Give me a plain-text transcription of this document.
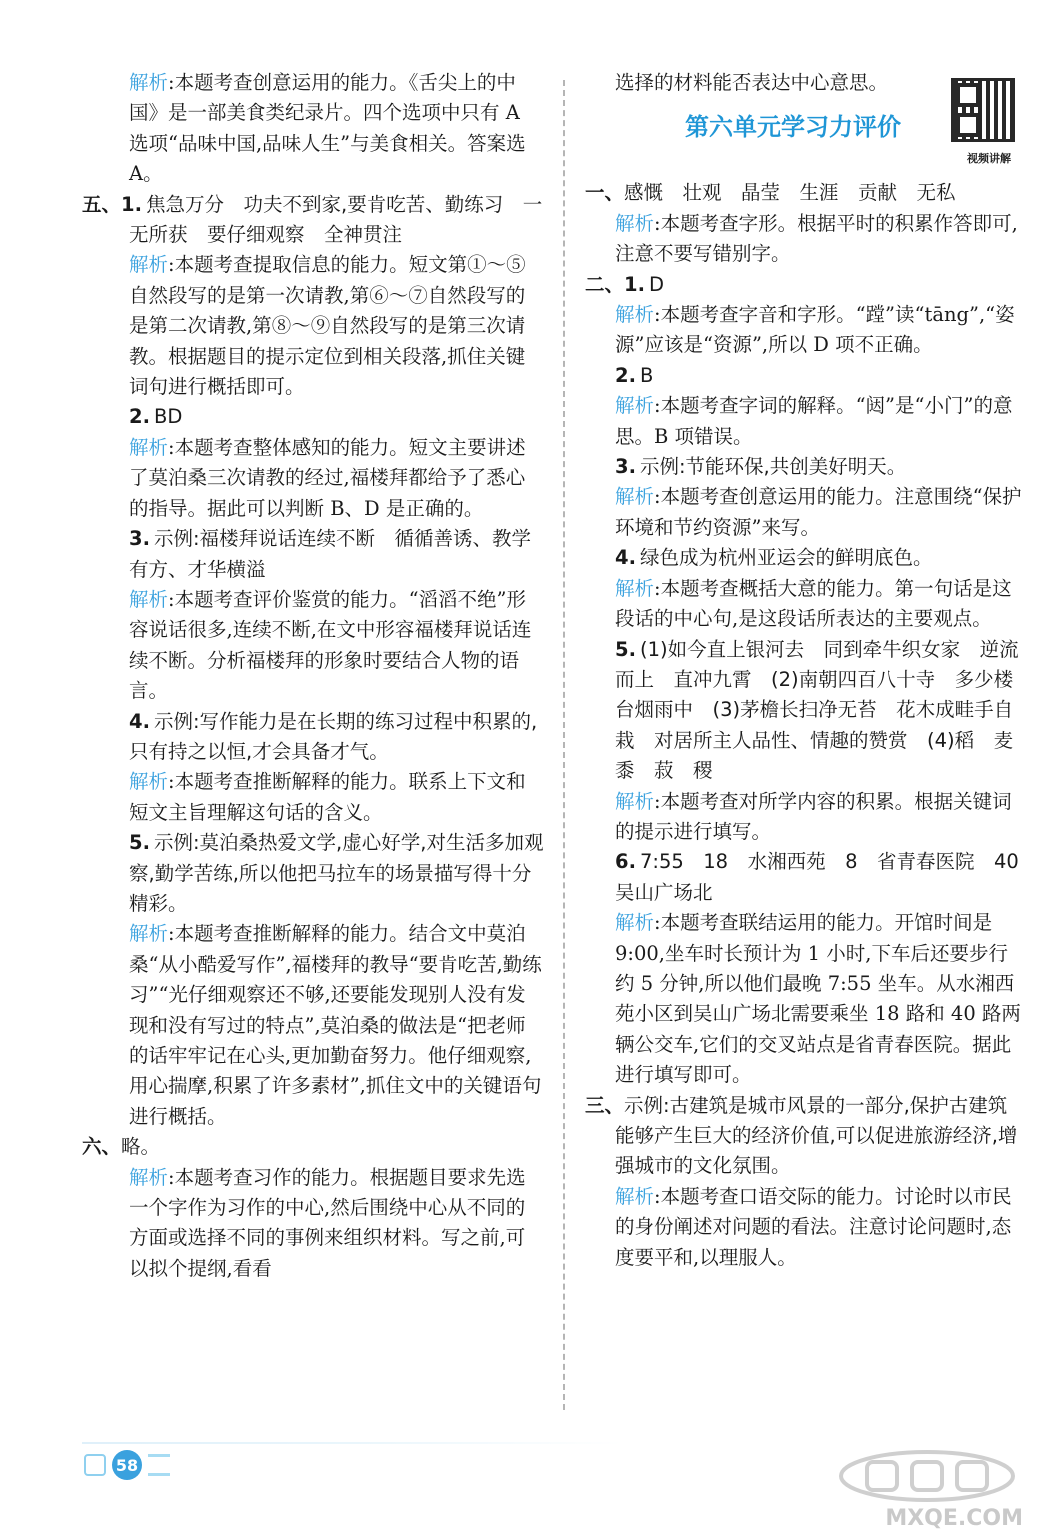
解析:本题考查创意运用的能力。《舌尖上的中国》是一部美食类纪录片。四个选项中只有 A 选项“品味中国,品味人生”与美食相关。答案选 A。

五、1. 焦急万分　功夫不到家,要肯吃苦、勤练习　一无所获　要仔细观察　全神贯注

解析:本题考查提取信息的能力。短文第①～⑤自然段写的是第一次请教,第⑥～⑦自然段写的是第二次请教,第⑧～⑨自然段写的是第三次请教。根据题目的提示定位到相关段落,抓住关键词句进行概括即可。

2. BD

解析:本题考查整体感知的能力。短文主要讲述了莫泊桑三次请教的经过,福楼拜都给予了悉心的指导。据此可以判断 B、D 是正确的。

3. 示例:福楼拜说话连续不断　循循善诱、教学有方、才华横溢

解析:本题考查评价鉴赏的能力。“滔滔不绝”形容说话很多,连续不断,在文中形容福楼拜说话连续不断。分析福楼拜的形象时要结合人物的语言。

4. 示例:写作能力是在长期的练习过程中积累的,只有持之以恒,才会具备才气。

解析:本题考查推断解释的能力。联系上下文和短文主旨理解这句话的含义。

5. 示例:莫泊桑热爱文学,虚心好学,对生活多加观察,勤学苦练,所以他把马拉车的场景描写得十分精彩。

解析:本题考查推断解释的能力。结合文中莫泊桑“从小酷爱写作”,福楼拜的教导“要肯吃苦,勤练习”“光仔细观察还不够,还要能发现别人没有发现和没有写过的特点”,莫泊桑的做法是“把老师的话牢牢记在心头,更加勤奋努力。他仔细观察,用心揣摩,积累了许多素材”,抓住文中的关键语句进行概括。

六、略。

解析:本题考查习作的能力。根据题目要求先选一个字作为习作的中心,然后围绕中心从不同的方面或选择不同的事例来组织材料。写之前,可以拟个提纲,看看

选择的材料能否表达中心意思。

第六单元学习力评价
视频讲解

一、感慨　壮观　晶莹　生涯　贡献　无私

解析:本题考查字形。根据平时的积累作答即可,注意不要写错别字。

二、1. D

解析:本题考查字音和字形。“蹚”读“tāng”,“姿源”应该是“资源”,所以 D 项不正确。

2. B

解析:本题考查字词的解释。“闼”是“小门”的意思。B 项错误。

3. 示例:节能环保,共创美好明天。

解析:本题考查创意运用的能力。注意围绕“保护环境和节约资源”来写。

4. 绿色成为杭州亚运会的鲜明底色。

解析:本题考查概括大意的能力。第一句话是这段话的中心句,是这段话所表达的主要观点。

5. (1)如今直上银河去　同到牵牛织女家　逆流而上　直冲九霄　(2)南朝四百八十寺　多少楼台烟雨中　(3)茅檐长扫净无苔　花木成畦手自栽　对居所主人品性、情趣的赞赏　(4)稻　麦　黍　菽　稷

解析:本题考查对所学内容的积累。根据关键词的提示进行填写。

6. 7:55　18　水湘西苑　8　省青春医院　40　吴山广场北

解析:本题考查联结运用的能力。开馆时间是 9:00,坐车时长预计为 1 小时,下车后还要步行约 5 分钟,所以他们最晚 7:55 坐车。从水湘西苑小区到吴山广场北需要乘坐 18 路和 40 路两辆公交车,它们的交叉站点是省青春医院。据此进行填写即可。

三、示例:古建筑是城市风景的一部分,保护古建筑能够产生巨大的经济价值,可以促进旅游经济,增强城市的文化氛围。

解析:本题考查口语交际的能力。讨论时以市民的身份阐述对问题的看法。注意讨论问题时,态度要平和,以理服人。

58
MXQE.COM
